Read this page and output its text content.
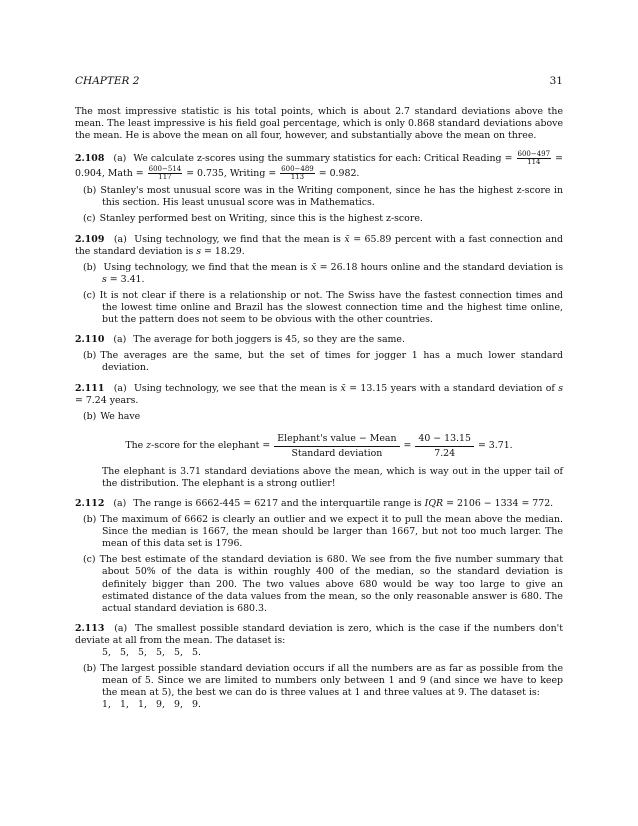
CHAPTER 2	31

The most impressive statistic is his total points, which is about 2.7 standard deviations above the mean. The least impressive is his field goal percentage, which is only 0.868 standard deviations above the mean. He is above the mean on all four, however, and substantially above the mean on three.

2.108 (a) We calculate z-scores using the summary statistics for each: Critical Reading = $\frac{600-497}{114} = 0.904$, Math = $\frac{600-514}{117} = 0.735$, Writing = $\frac{600-489}{113} = 0.982$.

(b) Stanley's most unusual score was in the Writing component, since he has the highest z-score in this section. His least unusual score was in Mathematics.

(c) Stanley performed best on Writing, since this is the highest z-score.

2.109 (a) Using technology, we find that the mean is x̄ = 65.89 percent with a fast connection and the standard deviation is s = 18.29.

(b) Using technology, we find that the mean is x̄ = 26.18 hours online and the standard deviation is s = 3.41.

(c) It is not clear if there is a relationship or not. The Swiss have the fastest connection times and the lowest time online and Brazil has the slowest connection time and the highest time online, but the pattern does not seem to be obvious with the other countries.

2.110 (a) The average for both joggers is 45, so they are the same.

(b) The averages are the same, but the set of times for jogger 1 has a much lower standard deviation.

2.111 (a) Using technology, we see that the mean is x̄ = 13.15 years with a standard deviation of s = 7.24 years.

(b) We have

The z-score for the elephant = $\frac{\text{Elephant's value − Mean}}{\text{Standard deviation}} = \frac{40 - 13.15}{7.24} = 3.71$.

The elephant is 3.71 standard deviations above the mean, which is way out in the upper tail of the distribution. The elephant is a strong outlier!

2.112 (a) The range is 6662-445 = 6217 and the interquartile range is IQR = 2106 − 1334 = 772.

(b) The maximum of 6662 is clearly an outlier and we expect it to pull the mean above the median. Since the median is 1667, the mean should be larger than 1667, but not too much larger. The mean of this data set is 1796.

(c) The best estimate of the standard deviation is 680. We see from the five number summary that about 50% of the data is within roughly 400 of the median, so the standard deviation is definitely bigger than 200. The two values above 680 would be way too large to give an estimated distance of the data values from the mean, so the only reasonable answer is 680. The actual standard deviation is 680.3.

2.113 (a) The smallest possible standard deviation is zero, which is the case if the numbers don't deviate at all from the mean. The dataset is:

5, 5, 5, 5, 5, 5.

(b) The largest possible standard deviation occurs if all the numbers are as far as possible from the mean of 5. Since we are limited to numbers only between 1 and 9 (and since we have to keep the mean at 5), the best we can do is three values at 1 and three values at 9. The dataset is:

1, 1, 1, 9, 9, 9.
